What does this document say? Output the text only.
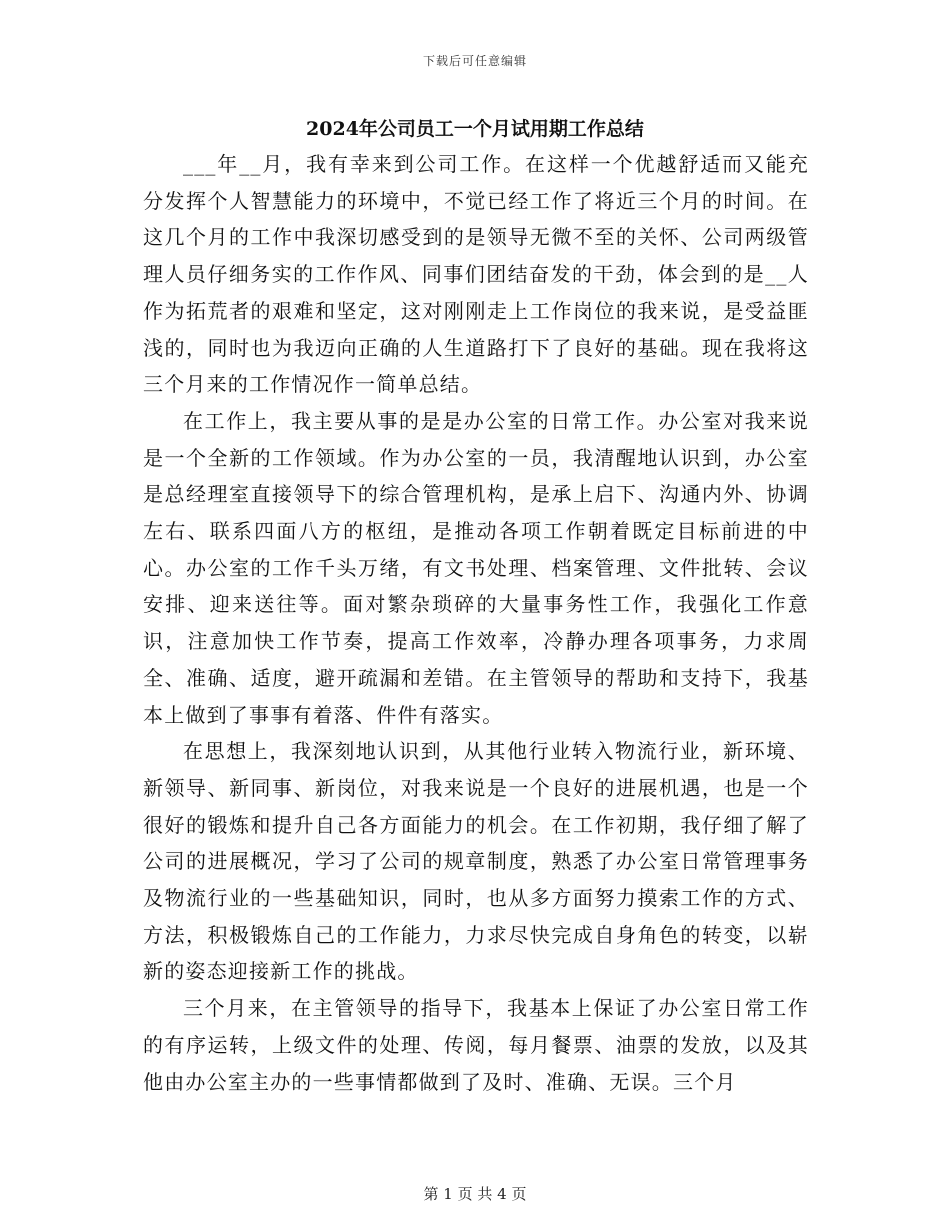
下载后可任意编辑
2024年公司员工一个月试用期工作总结

___年__月，我有幸来到公司工作。在这样一个优越舒适而又能充分发挥个人智慧能力的环境中，不觉已经工作了将近三个月的时间。在这几个月的工作中我深切感受到的是领导无微不至的关怀、公司两级管理人员仔细务实的工作作风、同事们团结奋发的干劲，体会到的是__人作为拓荒者的艰难和坚定，这对刚刚走上工作岗位的我来说，是受益匪浅的，同时也为我迈向正确的人生道路打下了良好的基础。现在我将这三个月来的工作情况作一简单总结。

在工作上，我主要从事的是是办公室的日常工作。办公室对我来说是一个全新的工作领域。作为办公室的一员，我清醒地认识到，办公室是总经理室直接领导下的综合管理机构，是承上启下、沟通内外、协调左右、联系四面八方的枢纽，是推动各项工作朝着既定目标前进的中心。办公室的工作千头万绪，有文书处理、档案管理、文件批转、会议安排、迎来送往等。面对繁杂琐碎的大量事务性工作，我强化工作意识，注意加快工作节奏，提高工作效率，冷静办理各项事务，力求周全、准确、适度，避开疏漏和差错。在主管领导的帮助和支持下，我基本上做到了事事有着落、件件有落实。

在思想上，我深刻地认识到，从其他行业转入物流行业，新环境、新领导、新同事、新岗位，对我来说是一个良好的进展机遇，也是一个很好的锻炼和提升自己各方面能力的机会。在工作初期，我仔细了解了公司的进展概况，学习了公司的规章制度，熟悉了办公室日常管理事务及物流行业的一些基础知识，同时，也从多方面努力摸索工作的方式、方法，积极锻炼自己的工作能力，力求尽快完成自身角色的转变，以崭新的姿态迎接新工作的挑战。

三个月来，在主管领导的指导下，我基本上保证了办公室日常工作的有序运转，上级文件的处理、传阅，每月餐票、油票的发放，以及其他由办公室主办的一些事情都做到了及时、准确、无误。三个月

第 1 页 共 4 页
